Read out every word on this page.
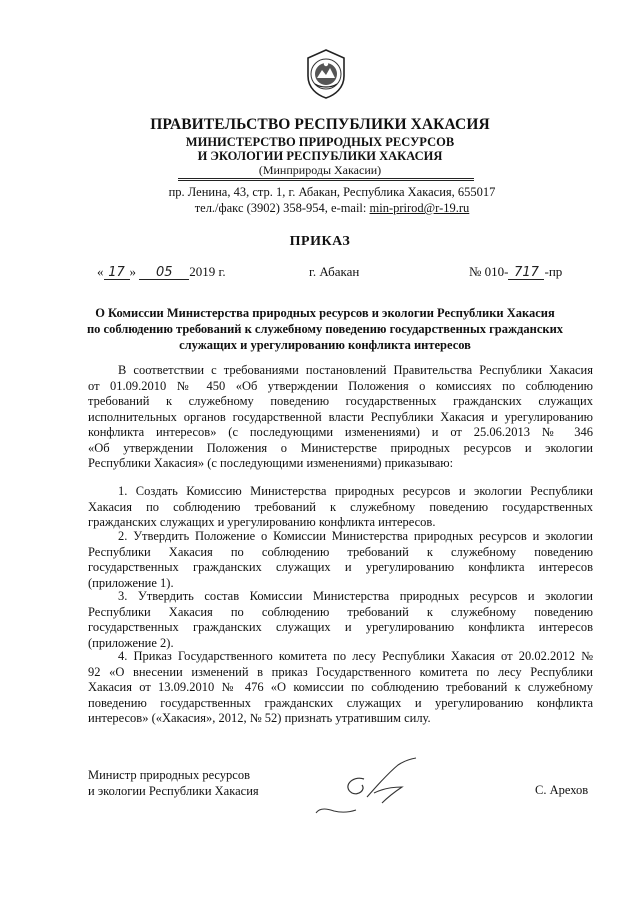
ПРАВИТЕЛЬСТВО РЕСПУБЛИКИ ХАКАСИЯ
МИНИСТЕРСТВО ПРИРОДНЫХ РЕСУРСОВ
И ЭКОЛОГИИ РЕСПУБЛИКИ ХАКАСИЯ
(Минприроды Хакасии)
пр. Ленина, 43, стр. 1, г. Абакан, Республика Хакасия, 655017
тел./факс (3902) 358-954, e-mail: min-prirod@r-19.ru
ПРИКАЗ
« 17 » 05 2019 г.	г. Абакан	№ 010- 717 -пр
О Комиссии Министерства природных ресурсов и экологии Республики Хакасия
по соблюдению требований к служебному поведению государственных гражданских
служащих и урегулированию конфликта интересов
В соответствии с требованиями постановлений Правительства Республики Хакасия
от 01.09.2010 № 450 «Об утверждении Положения о комиссиях по соблюдению
требований к служебному поведению государственных гражданских служащих
исполнительных органов государственной власти Республики Хакасия и урегулированию
конфликта интересов» (с последующими изменениями) и от 25.06.2013 № 346
«Об утверждении Положения о Министерстве природных ресурсов и экологии
Республики Хакасия» (с последующими изменениями) приказываю:
1. Создать Комиссию Министерства природных ресурсов и экологии Республики
Хакасия по соблюдению требований к служебному поведению государственных
гражданских служащих и урегулированию конфликта интересов.
2. Утвердить Положение о Комиссии Министерства природных ресурсов и экологии
Республики Хакасия по соблюдению требований к служебному поведению
государственных гражданских служащих и урегулированию конфликта интересов
(приложение 1).
3. Утвердить состав Комиссии Министерства природных ресурсов и экологии
Республики Хакасия по соблюдению требований к служебному поведению
государственных гражданских служащих и урегулированию конфликта интересов
(приложение 2).
4. Приказ Государственного комитета по лесу Республики Хакасия от 20.02.2012 №
92 «О внесении изменений в приказ Государственного комитета по лесу Республики
Хакасия от 13.09.2010 № 476 «О комиссии по соблюдению требований к служебному
поведению государственных гражданских служащих и урегулированию конфликта
интересов» («Хакасия», 2012, № 52) признать утратившим силу.
Министр природных ресурсов
и экологии Республики Хакасия	С. Арехов
